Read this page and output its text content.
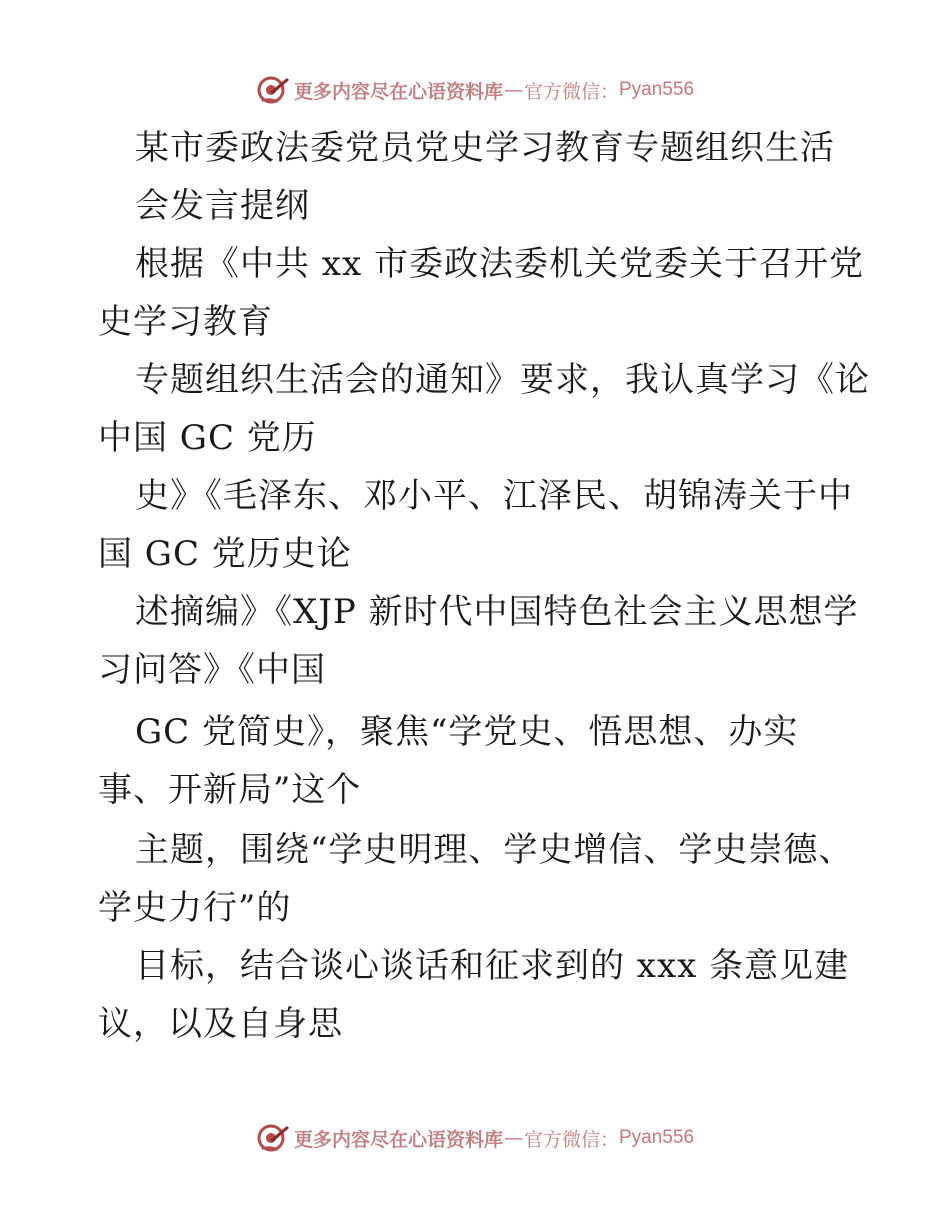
更多内容尽在心语资料库 — 官方微信： Pyan556
某市委政法委党员党史学习教育专题组织生活
会发言提纲
根据《中共 xx 市委政法委机关党委关于召开党
史学习教育
专题组织生活会的通知》要求，我认真学习《论
中国 GC 党历
史》《毛泽东、邓小平、江泽民、胡锦涛关于中
国 GC 党历史论
述摘编》《XJP 新时代中国特色社会主义思想学
习问答》《中国
GC 党简史》，聚焦“学党史、悟思想、办实
事、开新局”这个
主题，围绕“学史明理、学史增信、学史崇德、
学史力行”的
目标，结合谈心谈话和征求到的 xxx 条意见建
议，以及自身思
更多内容尽在心语资料库 — 官方微信： Pyan556
